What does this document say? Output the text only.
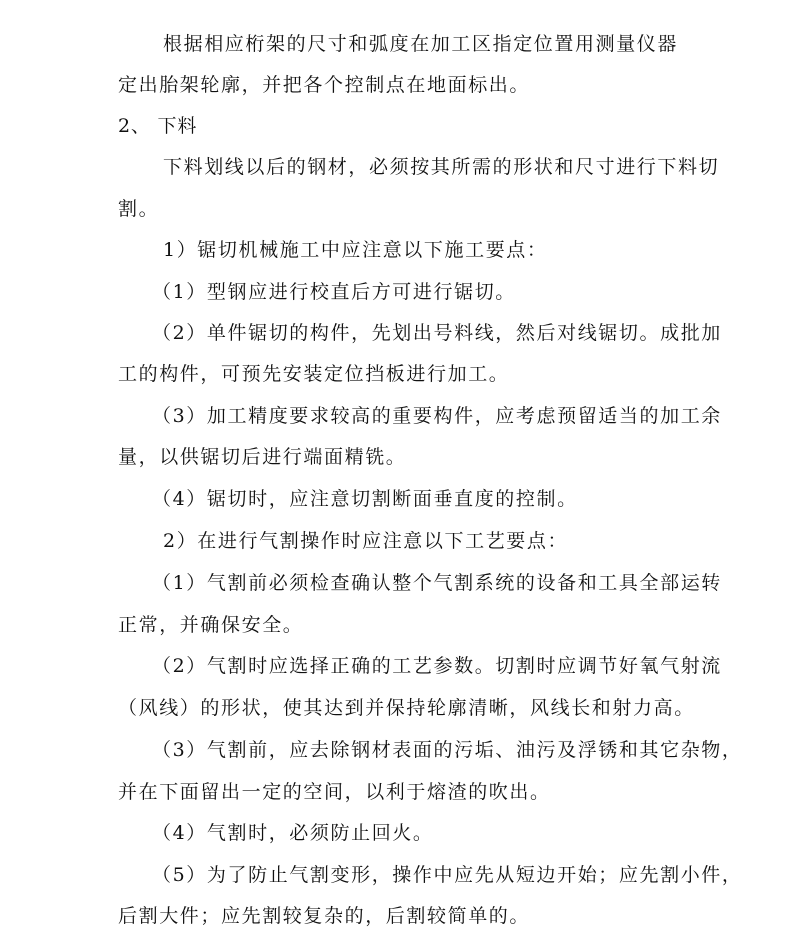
根据相应桁架的尺寸和弧度在加工区指定位置用测量仪器
定出胎架轮廓，并把各个控制点在地面标出。
2、 下料
下料划线以后的钢材，必须按其所需的形状和尺寸进行下料切
割。
1）锯切机械施工中应注意以下施工要点：
（1）型钢应进行校直后方可进行锯切。
（2）单件锯切的构件，先划出号料线，然后对线锯切。成批加
工的构件，可预先安装定位挡板进行加工。
（3）加工精度要求较高的重要构件，应考虑预留适当的加工余
量，以供锯切后进行端面精铣。
（4）锯切时，应注意切割断面垂直度的控制。
2）在进行气割操作时应注意以下工艺要点：
（1）气割前必须检查确认整个气割系统的设备和工具全部运转
正常，并确保安全。
（2）气割时应选择正确的工艺参数。切割时应调节好氧气射流
（风线）的形状，使其达到并保持轮廓清晰，风线长和射力高。
（3）气割前，应去除钢材表面的污垢、油污及浮锈和其它杂物，
并在下面留出一定的空间，以利于熔渣的吹出。
（4）气割时，必须防止回火。
（5）为了防止气割变形，操作中应先从短边开始；应先割小件，
后割大件；应先割较复杂的，后割较简单的。
